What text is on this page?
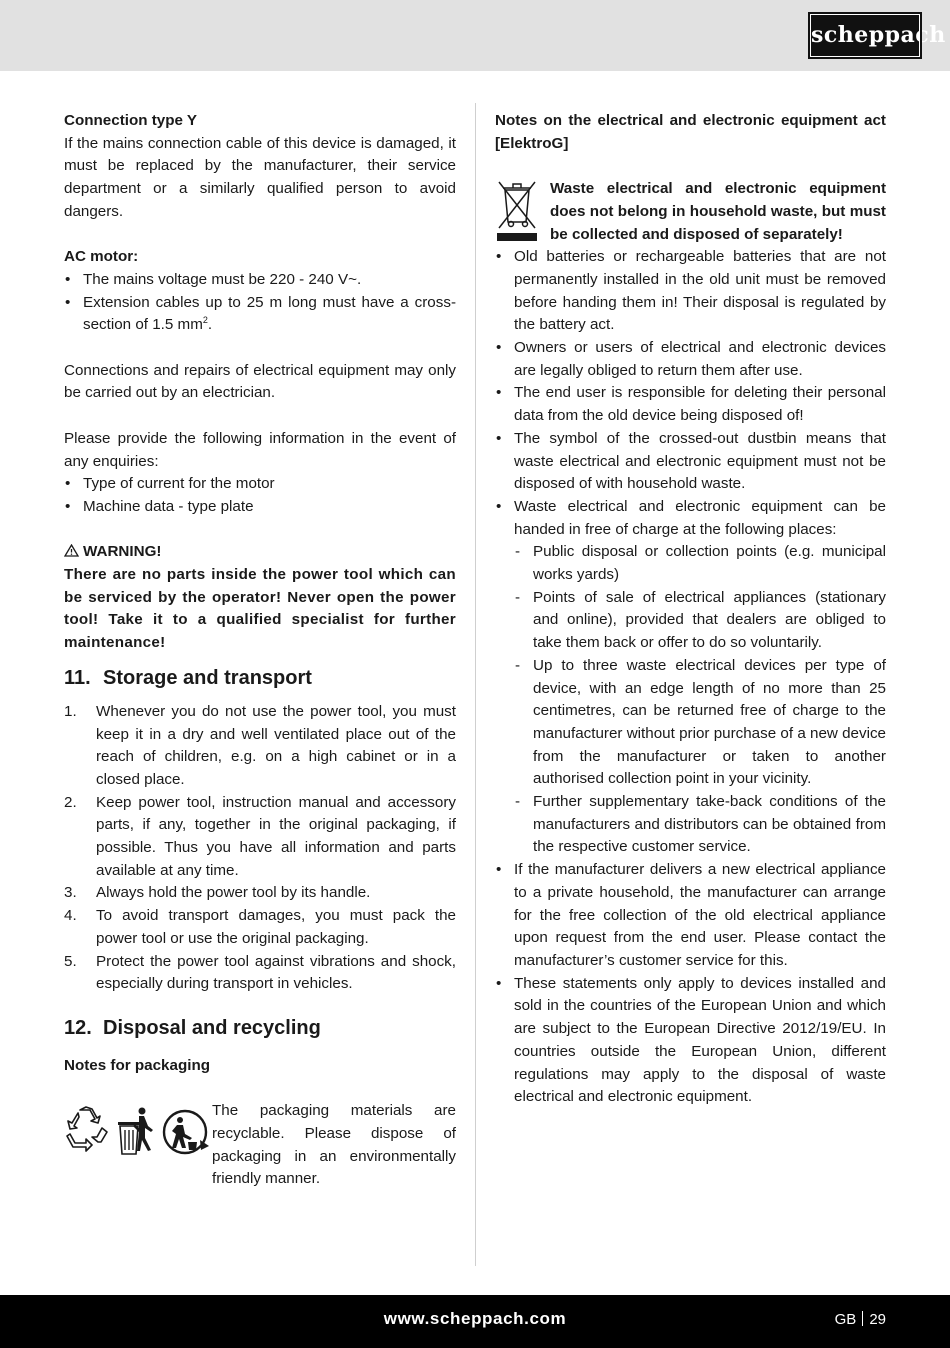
scheppach

Connection type Y

If the mains connection cable of this device is damaged, it must be replaced by the manufacturer, their service department or a similarly qualified person to avoid dangers.

AC motor:

• The mains voltage must be 220 - 240 V~.
• Extension cables up to 25 m long must have a cross-section of 1.5 $mm^2$.

Connections and repairs of electrical equipment may only be carried out by an electrician.

Please provide the following information in the event of any enquiries:

• Type of current for the motor
• Machine data - type plate

WARNING!

There are no parts inside the power tool which can be serviced by the operator! Never open the power tool! Take it to a qualified specialist for further maintenance!

11. Storage and transport
1. Whenever you do not use the power tool, you must keep it in a dry and well ventilated place out of the reach of children, e.g. on a high cabinet or in a closed place.
2. Keep power tool, instruction manual and accessory parts, if any, together in the original packaging, if possible. Thus you have all information and parts available at any time.
3. Always hold the power tool by its handle.
4. To avoid transport damages, you must pack the power tool or use the original packaging.
5. Protect the power tool against vibrations and shock, especially during transport in vehicles.
12. Disposal and recycling

Notes for packaging

The packaging materials are recyclable. Please dispose of packaging in an environmentally friendly manner.

Notes on the electrical and electronic equipment act [ElektroG]

Waste electrical and electronic equipment does not belong in household waste, but must be collected and disposed of separately!

• Old batteries or rechargeable batteries that are not permanently installed in the old unit must be removed before handing them in! Their disposal is regulated by the battery act.
• Owners or users of electrical and electronic devices are legally obliged to return them after use.
• The end user is responsible for deleting their personal data from the old device being disposed of!
• The symbol of the crossed-out dustbin means that waste electrical and electronic equipment must not be disposed of with household waste.
• Waste electrical and electronic equipment can be handed in free of charge at the following places:
- Public disposal or collection points (e.g. municipal works yards)
- Points of sale of electrical appliances (stationary and online), provided that dealers are obliged to take them back or offer to do so voluntarily.
- Up to three waste electrical devices per type of device, with an edge length of no more than 25 centimetres, can be returned free of charge to the manufacturer without prior purchase of a new device from the manufacturer or taken to another authorised collection point in your vicinity.
- Further supplementary take-back conditions of the manufacturers and distributors can be obtained from the respective customer service.
• If the manufacturer delivers a new electrical appliance to a private household, the manufacturer can arrange for the free collection of the old electrical appliance upon request from the end user. Please contact the manufacturer’s customer service for this.
• These statements only apply to devices installed and sold in the countries of the European Union and which are subject to the European Directive 2012/19/EU. In countries outside the European Union, different regulations may apply to the disposal of waste electrical and electronic equipment.
www.scheppach.com	GB 29
